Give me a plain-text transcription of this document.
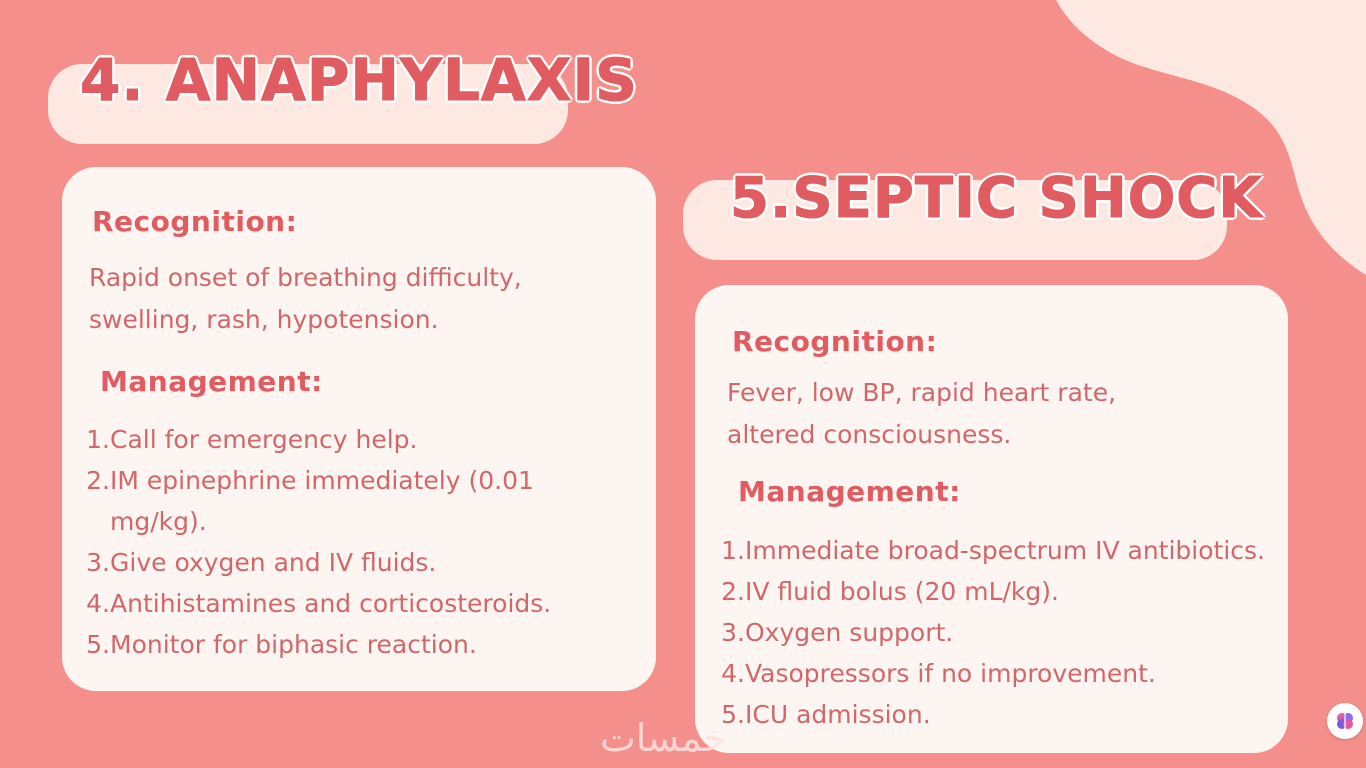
4. ANAPHYLAXIS
Recognition:

Rapid onset of breathing difficulty, swelling, rash, hypotension.

Management:
1. Call for emergency help.
2. IM epinephrine immediately (0.01 mg/kg).
3. Give oxygen and IV fluids.
4. Antihistamines and corticosteroids.
5. Monitor for biphasic reaction.
5.SEPTIC SHOCK
Recognition:

Fever, low BP, rapid heart rate, altered consciousness.

Management:
1. Immediate broad-spectrum IV antibiotics.
2. IV fluid bolus (20 mL/kg).
3. Oxygen support.
4. Vasopressors if no improvement.
5. ICU admission.
خمسات
